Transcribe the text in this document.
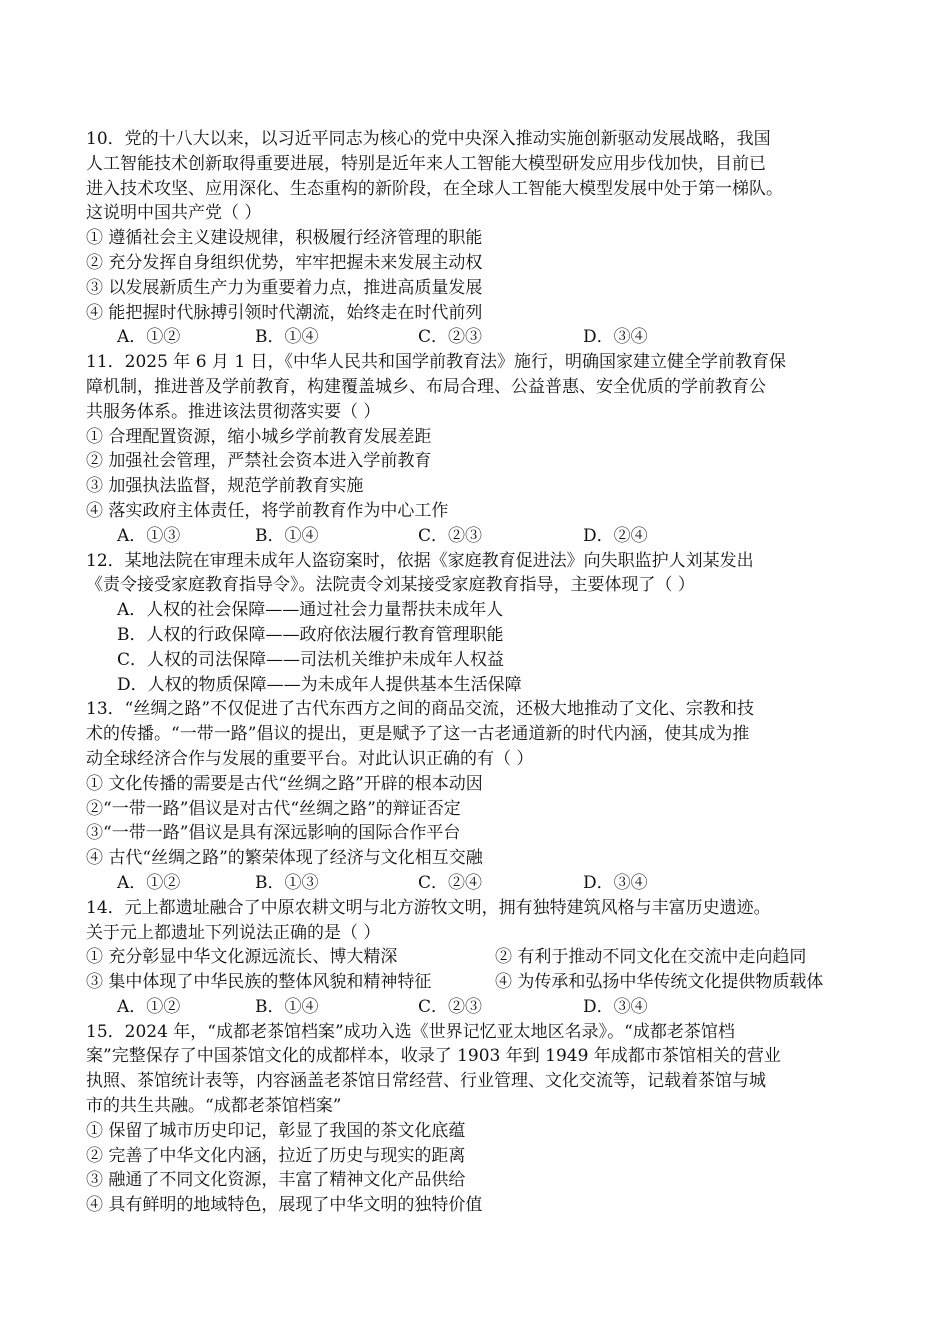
10．党的十八大以来，以习近平同志为核心的党中央深入推动实施创新驱动发展战略，我国
人工智能技术创新取得重要进展，特别是近年来人工智能大模型研发应用步伐加快，目前已
进入技术攻坚、应用深化、生态重构的新阶段，在全球人工智能大模型发展中处于第一梯队。
这说明中国共产党（ ）
① 遵循社会主义建设规律，积极履行经济管理的职能
② 充分发挥自身组织优势，牢牢把握未来发展主动权
③ 以发展新质生产力为重要着力点，推进高质量发展
④ 能把握时代脉搏引领时代潮流，始终走在时代前列
A．①②	B．①④	C．②③	D．③④
11．2025 年 6 月 1 日，《中华人民共和国学前教育法》施行，明确国家建立健全学前教育保
障机制，推进普及学前教育，构建覆盖城乡、布局合理、公益普惠、安全优质的学前教育公
共服务体系。推进该法贯彻落实要（ ）
① 合理配置资源，缩小城乡学前教育发展差距
② 加强社会管理，严禁社会资本进入学前教育
③ 加强执法监督，规范学前教育实施
④ 落实政府主体责任，将学前教育作为中心工作
A．①③	B．①④	C．②③	D．②④
12．某地法院在审理未成年人盗窃案时，依据《家庭教育促进法》向失职监护人刘某发出
《责令接受家庭教育指导令》。法院责令刘某接受家庭教育指导，主要体现了（ ）
A．人权的社会保障——通过社会力量帮扶未成年人
B．人权的行政保障——政府依法履行教育管理职能
C．人权的司法保障——司法机关维护未成年人权益
D．人权的物质保障——为未成年人提供基本生活保障
13．“丝绸之路”不仅促进了古代东西方之间的商品交流，还极大地推动了文化、宗教和技
术的传播。“一带一路”倡议的提出，更是赋予了这一古老通道新的时代内涵，使其成为推
动全球经济合作与发展的重要平台。对此认识正确的有（ ）
① 文化传播的需要是古代“丝绸之路”开辟的根本动因
②“一带一路”倡议是对古代“丝绸之路”的辩证否定
③“一带一路”倡议是具有深远影响的国际合作平台
④ 古代“丝绸之路”的繁荣体现了经济与文化相互交融
A．①②	B．①③	C．②④	D．③④
14．元上都遗址融合了中原农耕文明与北方游牧文明，拥有独特建筑风格与丰富历史遗迹。
关于元上都遗址下列说法正确的是（ ）
① 充分彰显中华文化源远流长、博大精深	② 有利于推动不同文化在交流中走向趋同
③ 集中体现了中华民族的整体风貌和精神特征	④ 为传承和弘扬中华传统文化提供物质载体
A．①②	B．①④	C．②③	D．③④
15．2024 年，“成都老茶馆档案”成功入选《世界记忆亚太地区名录》。“成都老茶馆档
案”完整保存了中国茶馆文化的成都样本，收录了 1903 年到 1949 年成都市茶馆相关的营业
执照、茶馆统计表等，内容涵盖老茶馆日常经营、行业管理、文化交流等，记载着茶馆与城
市的共生共融。“成都老茶馆档案”
① 保留了城市历史印记，彰显了我国的茶文化底蕴
② 完善了中华文化内涵，拉近了历史与现实的距离
③ 融通了不同文化资源，丰富了精神文化产品供给
④ 具有鲜明的地域特色，展现了中华文明的独特价值
